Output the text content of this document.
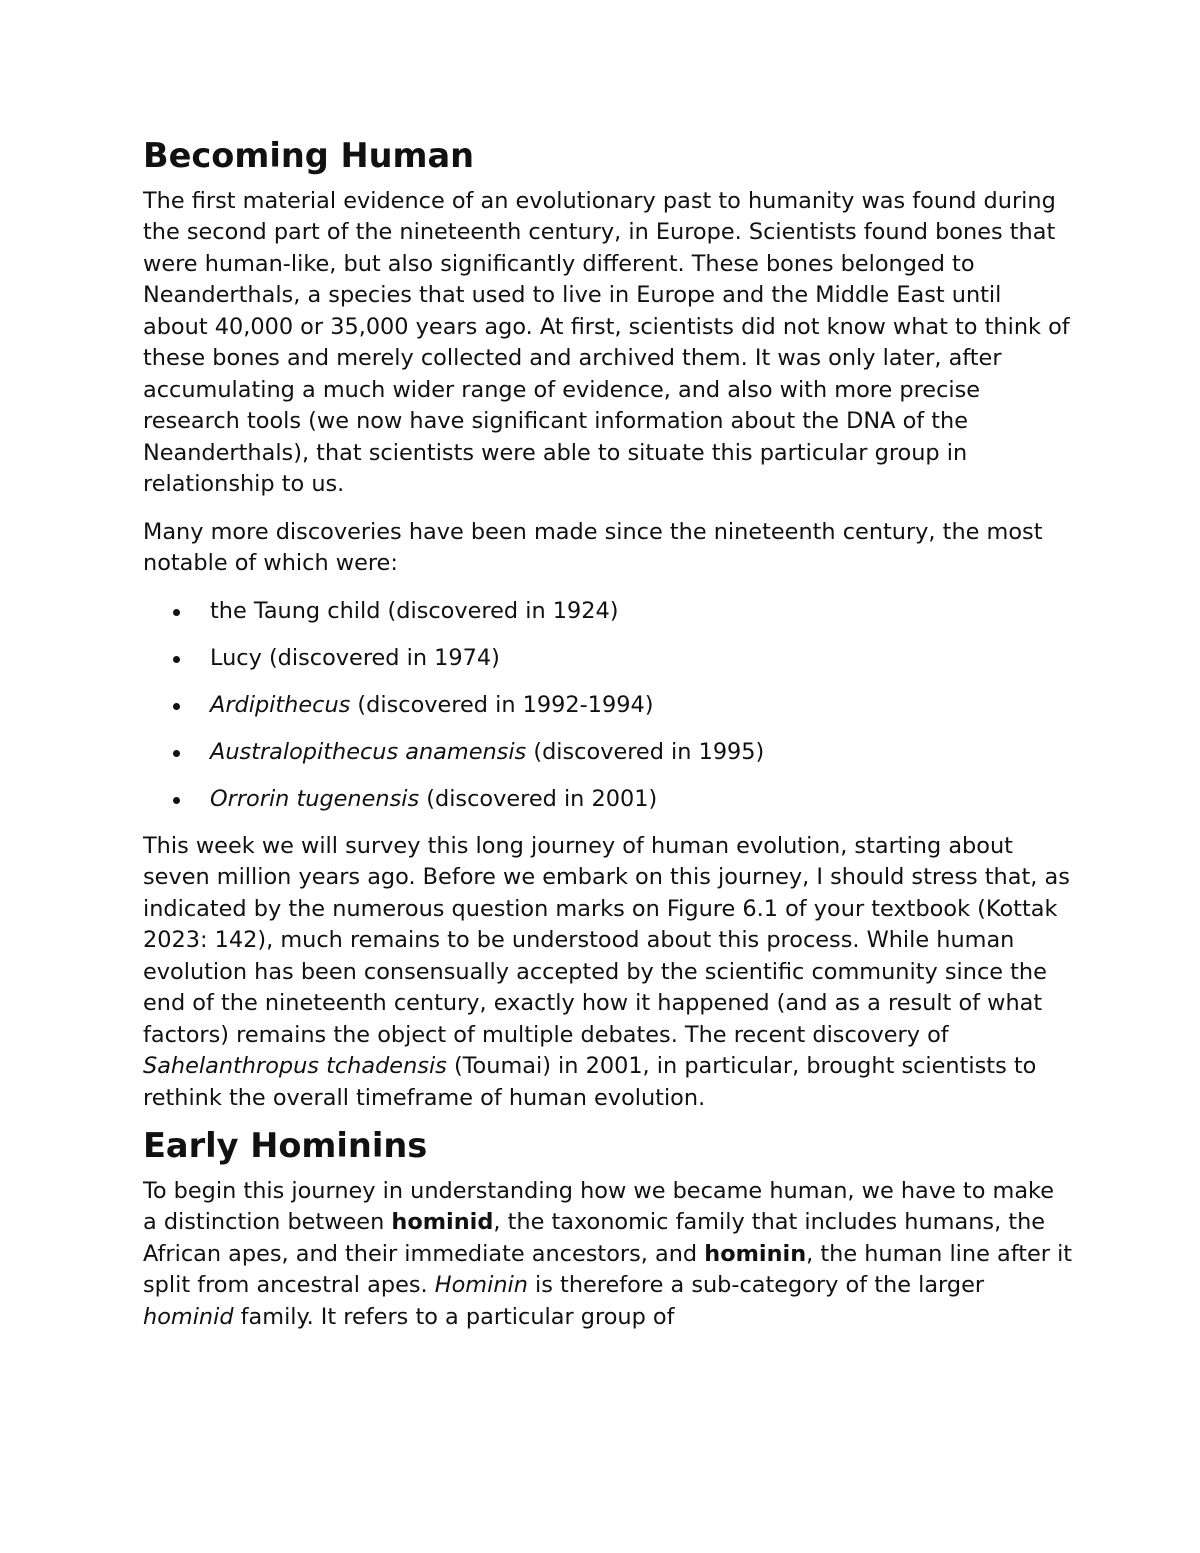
Becoming Human

The first material evidence of an evolutionary past to humanity was found during the second part of the nineteenth century, in Europe. Scientists found bones that were human-like, but also significantly different. These bones belonged to Neanderthals, a species that used to live in Europe and the Middle East until about 40,000 or 35,000 years ago. At first, scientists did not know what to think of these bones and merely collected and archived them. It was only later, after accumulating a much wider range of evidence, and also with more precise research tools (we now have significant information about the DNA of the Neanderthals), that scientists were able to situate this particular group in relationship to us.

Many more discoveries have been made since the nineteenth century, the most notable of which were:

the Taung child (discovered in 1924)
Lucy (discovered in 1974)
Ardipithecus (discovered in 1992-1994)
Australopithecus anamensis (discovered in 1995)
Orrorin tugenensis (discovered in 2001)

This week we will survey this long journey of human evolution, starting about seven million years ago. Before we embark on this journey, I should stress that, as indicated by the numerous question marks on Figure 6.1 of your textbook (Kottak 2023: 142), much remains to be understood about this process. While human evolution has been consensually accepted by the scientific community since the end of the nineteenth century, exactly how it happened (and as a result of what factors) remains the object of multiple debates. The recent discovery of Sahelanthropus tchadensis (Toumai) in 2001, in particular, brought scientists to rethink the overall timeframe of human evolution.

Early Hominins

To begin this journey in understanding how we became human, we have to make a distinction between hominid, the taxonomic family that includes humans, the African apes, and their immediate ancestors, and hominin, the human line after it split from ancestral apes. Hominin is therefore a sub-category of the larger hominid family. It refers to a particular group of
